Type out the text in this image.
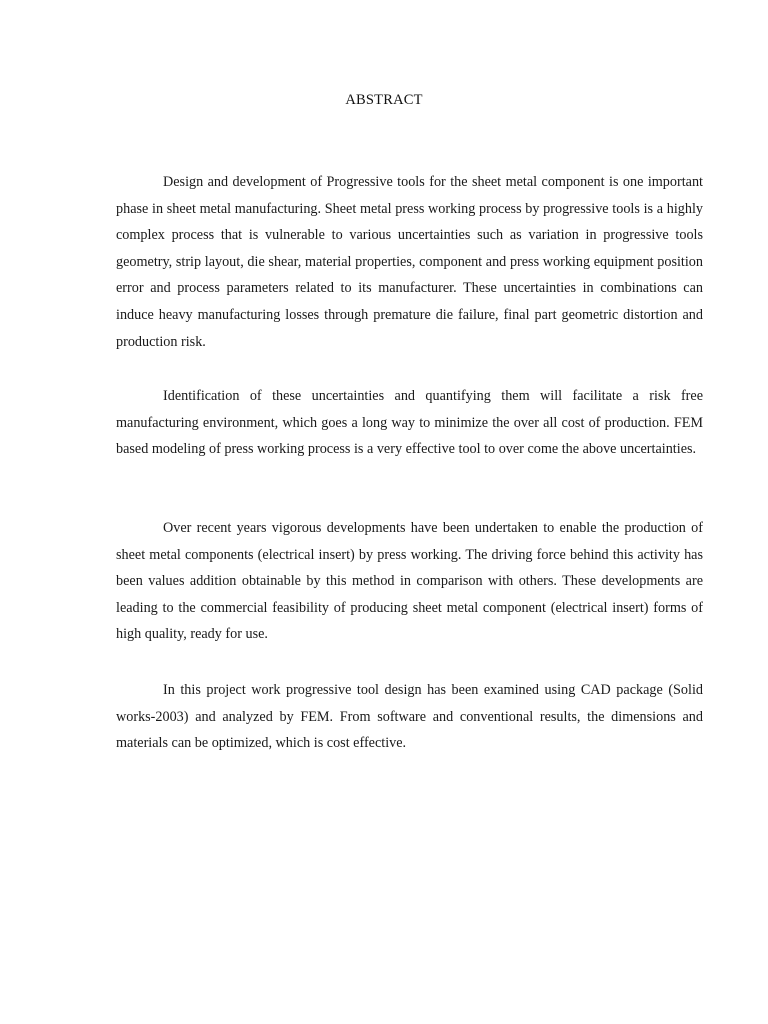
ABSTRACT

Design and development of Progressive tools for the sheet metal component is one important phase in sheet metal manufacturing. Sheet metal press working process by progressive tools is a highly complex process that is vulnerable to various uncertainties such as variation in progressive tools geometry, strip layout, die shear, material properties, component and press working equipment position error and process parameters related to its manufacturer. These uncertainties in combinations can induce heavy manufacturing losses through premature die failure, final part geometric distortion and production risk.

Identification of these uncertainties and quantifying them will facilitate a risk free manufacturing environment, which goes a long way to minimize the over all cost of production. FEM based modeling of press working process is a very effective tool to over come the above uncertainties.

Over recent years vigorous developments have been undertaken to enable the production of sheet metal components (electrical insert) by press working. The driving force behind this activity has been values addition obtainable by this method in comparison with others. These developments are leading to the commercial feasibility of producing sheet metal component (electrical insert) forms of high quality, ready for use.

In this project work progressive tool design has been examined using CAD package (Solid works-2003) and analyzed by FEM. From software and conventional results, the dimensions and materials can be optimized, which is cost effective.
